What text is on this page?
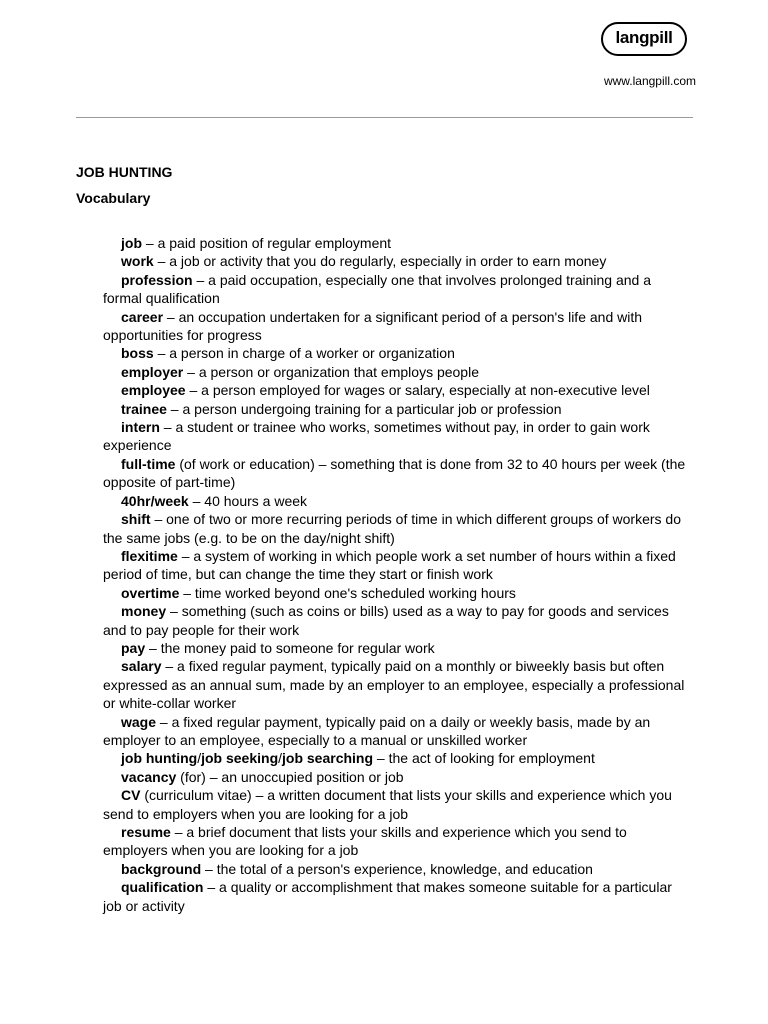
langpill
www.langpill.com
JOB HUNTING
Vocabulary
job – a paid position of regular employment
work – a job or activity that you do regularly, especially in order to earn money
profession – a paid occupation, especially one that involves prolonged training and a formal qualification
career – an occupation undertaken for a significant period of a person's life and with opportunities for progress
boss – a person in charge of a worker or organization
employer – a person or organization that employs people
employee – a person employed for wages or salary, especially at non-executive level
trainee – a person undergoing training for a particular job or profession
intern – a student or trainee who works, sometimes without pay, in order to gain work experience
full-time (of work or education) – something that is done from 32 to 40 hours per week (the opposite of part-time)
40hr/week – 40 hours a week
shift – one of two or more recurring periods of time in which different groups of workers do the same jobs (e.g. to be on the day/night shift)
flexitime – a system of working in which people work a set number of hours within a fixed period of time, but can change the time they start or finish work
overtime – time worked beyond one's scheduled working hours
money – something (such as coins or bills) used as a way to pay for goods and services and to pay people for their work
pay – the money paid to someone for regular work
salary – a fixed regular payment, typically paid on a monthly or biweekly basis but often expressed as an annual sum, made by an employer to an employee, especially a professional or white-collar worker
wage – a fixed regular payment, typically paid on a daily or weekly basis, made by an employer to an employee, especially to a manual or unskilled worker
job hunting/job seeking/job searching – the act of looking for employment
vacancy (for) – an unoccupied position or job
CV (curriculum vitae) – a written document that lists your skills and experience which you send to employers when you are looking for a job
resume – a brief document that lists your skills and experience which you send to employers when you are looking for a job
background – the total of a person's experience, knowledge, and education
qualification – a quality or accomplishment that makes someone suitable for a particular job or activity
